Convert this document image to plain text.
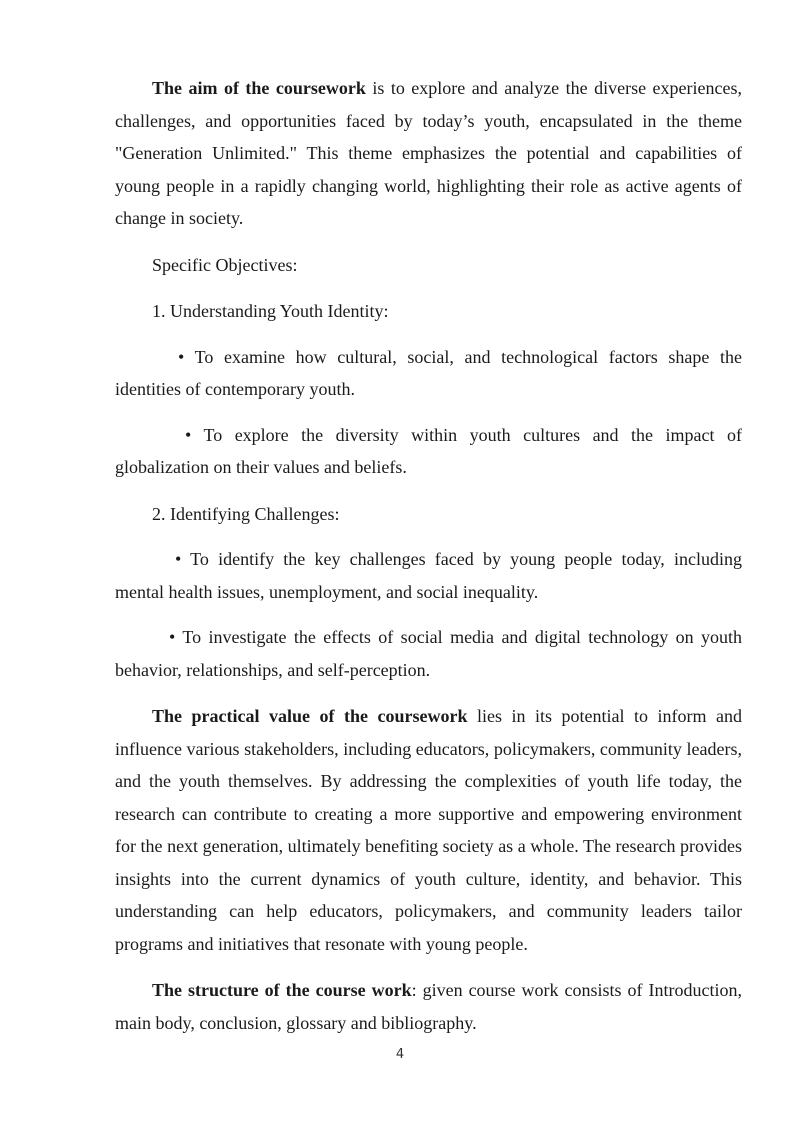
The aim of the coursework is to explore and analyze the diverse experiences, challenges, and opportunities faced by today’s youth, encapsulated in the theme "Generation Unlimited." This theme emphasizes the potential and capabilities of young people in a rapidly changing world, highlighting their role as active agents of change in society.

Specific Objectives:

1. Understanding Youth Identity:

• To examine how cultural, social, and technological factors shape the identities of contemporary youth.

• To explore the diversity within youth cultures and the impact of globalization on their values and beliefs.

2. Identifying Challenges:

• To identify the key challenges faced by young people today, including mental health issues, unemployment, and social inequality.

• To investigate the effects of social media and digital technology on youth behavior, relationships, and self-perception.

The practical value of the coursework lies in its potential to inform and influence various stakeholders, including educators, policymakers, community leaders, and the youth themselves. By addressing the complexities of youth life today, the research can contribute to creating a more supportive and empowering environment for the next generation, ultimately benefiting society as a whole. The research provides insights into the current dynamics of youth culture, identity, and behavior. This understanding can help educators, policymakers, and community leaders tailor programs and initiatives that resonate with young people.

The structure of the course work: given course work consists of Introduction, main body, conclusion, glossary and bibliography.

4
